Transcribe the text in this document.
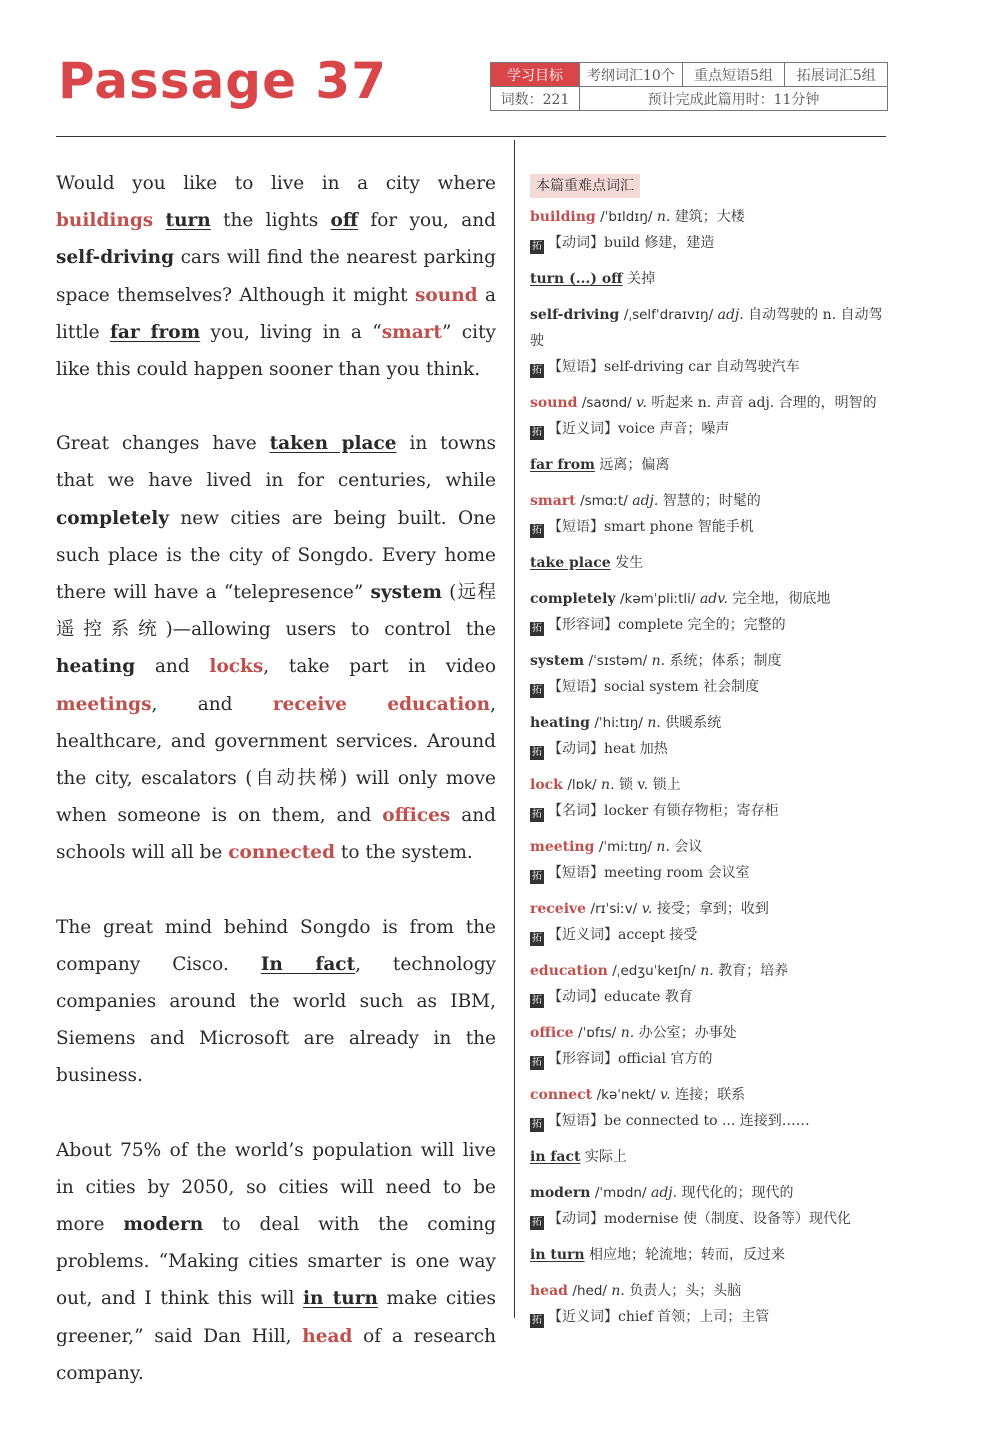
Passage 37	学习目标	考纲词汇10个	重点短语5组	拓展词汇5组
词数：221	预计完成此篇用时：11分钟

Would you like to live in a city where buildings turn the lights off for you, and self-driving cars will find the nearest parking space themselves? Although it might sound a little far from you, living in a “smart” city like this could happen sooner than you think.

Great changes have taken place in towns that we have lived in for centuries, while completely new cities are being built. One such place is the city of Songdo. Every home there will have a “telepresence” system (远程遥控系统)—allowing users to control the heating and locks, take part in video meetings, and receive education, healthcare, and government services. Around the city, escalators (自动扶梯) will only move when someone is on them, and offices and schools will all be connected to the system.

The great mind behind Songdo is from the company Cisco. In fact, technology companies around the world such as IBM, Siemens and Microsoft are already in the business.

About 75% of the world’s population will live in cities by 2050, so cities will need to be more modern to deal with the coming problems. “Making cities smarter is one way out, and I think this will in turn make cities greener,” said Dan Hill, head of a research company.

本篇重难点词汇
building /ˈbɪldɪŋ/ n. 建筑；大楼
拓 【动词】build 修建，建造
turn (...) off 关掉
self-driving /ˌselfˈdraɪvɪŋ/ adj. 自动驾驶的 n. 自动驾驶
拓 【短语】self-driving car 自动驾驶汽车
sound /saʊnd/ v. 听起来 n. 声音 adj. 合理的，明智的
拓 【近义词】voice 声音；噪声
far from 远离；偏离
smart /smɑːt/ adj. 智慧的；时髦的
拓 【短语】smart phone 智能手机
take place 发生
completely /kəmˈpliːtli/ adv. 完全地，彻底地
拓 【形容词】complete 完全的；完整的
system /ˈsɪstəm/ n. 系统；体系；制度
拓 【短语】social system 社会制度
heating /ˈhiːtɪŋ/ n. 供暖系统
拓 【动词】heat 加热
lock /lɒk/ n. 锁 v. 锁上
拓 【名词】locker 有锁存物柜；寄存柜
meeting /ˈmiːtɪŋ/ n. 会议
拓 【短语】meeting room 会议室
receive /rɪˈsiːv/ v. 接受；拿到；收到
拓 【近义词】accept 接受
education /ˌedʒuˈkeɪʃn/ n. 教育；培养
拓 【动词】educate 教育
office /ˈɒfɪs/ n. 办公室；办事处
拓 【形容词】official 官方的
connect /kəˈnekt/ v. 连接；联系
拓 【短语】be connected to ... 连接到……
in fact 实际上
modern /ˈmɒdn/ adj. 现代化的；现代的
拓 【动词】modernise 使（制度、设备等）现代化
in turn 相应地；轮流地；转而，反过来
head /hed/ n. 负责人；头；头脑
拓 【近义词】chief 首领；上司；主管
